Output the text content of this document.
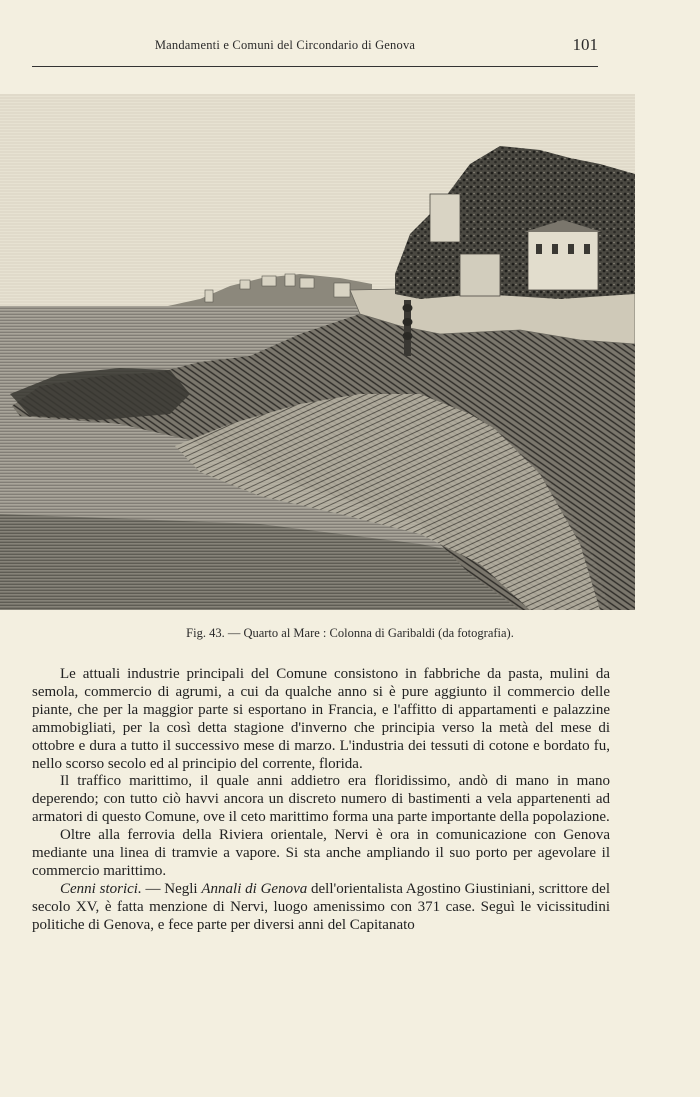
Mandamenti e Comuni del Circondario di Genova	101
Fig. 43. — Quarto al Mare : Colonna di Garibaldi (da fotografia).

Le attuali industrie principali del Comune consistono in fabbriche da pasta, mulini da semola, commercio di agrumi, a cui da qualche anno si è pure aggiunto il commercio delle piante, che per la maggior parte si esportano in Francia, e l'affitto di appartamenti e palazzine ammobigliati, per la così detta stagione d'inverno che principia verso la metà del mese di ottobre e dura a tutto il successivo mese di marzo. L'industria dei tessuti di cotone e bordato fu, nello scorso secolo ed al principio del corrente, florida.

Il traffico marittimo, il quale anni addietro era floridissimo, andò di mano in mano deperendo; con tutto ciò havvi ancora un discreto numero di bastimenti a vela appartenenti ad armatori di questo Comune, ove il ceto marittimo forma una parte importante della popolazione.

Oltre alla ferrovia della Riviera orientale, Nervi è ora in comunicazione con Genova mediante una linea di tramvie a vapore. Si sta anche ampliando il suo porto per agevolare il commercio marittimo.

Cenni storici. — Negli Annali di Genova dell'orientalista Agostino Giustiniani, scrittore del secolo XV, è fatta menzione di Nervi, luogo amenissimo con 371 case. Seguì le vicissitudini politiche di Genova, e fece parte per diversi anni del Capitanato
